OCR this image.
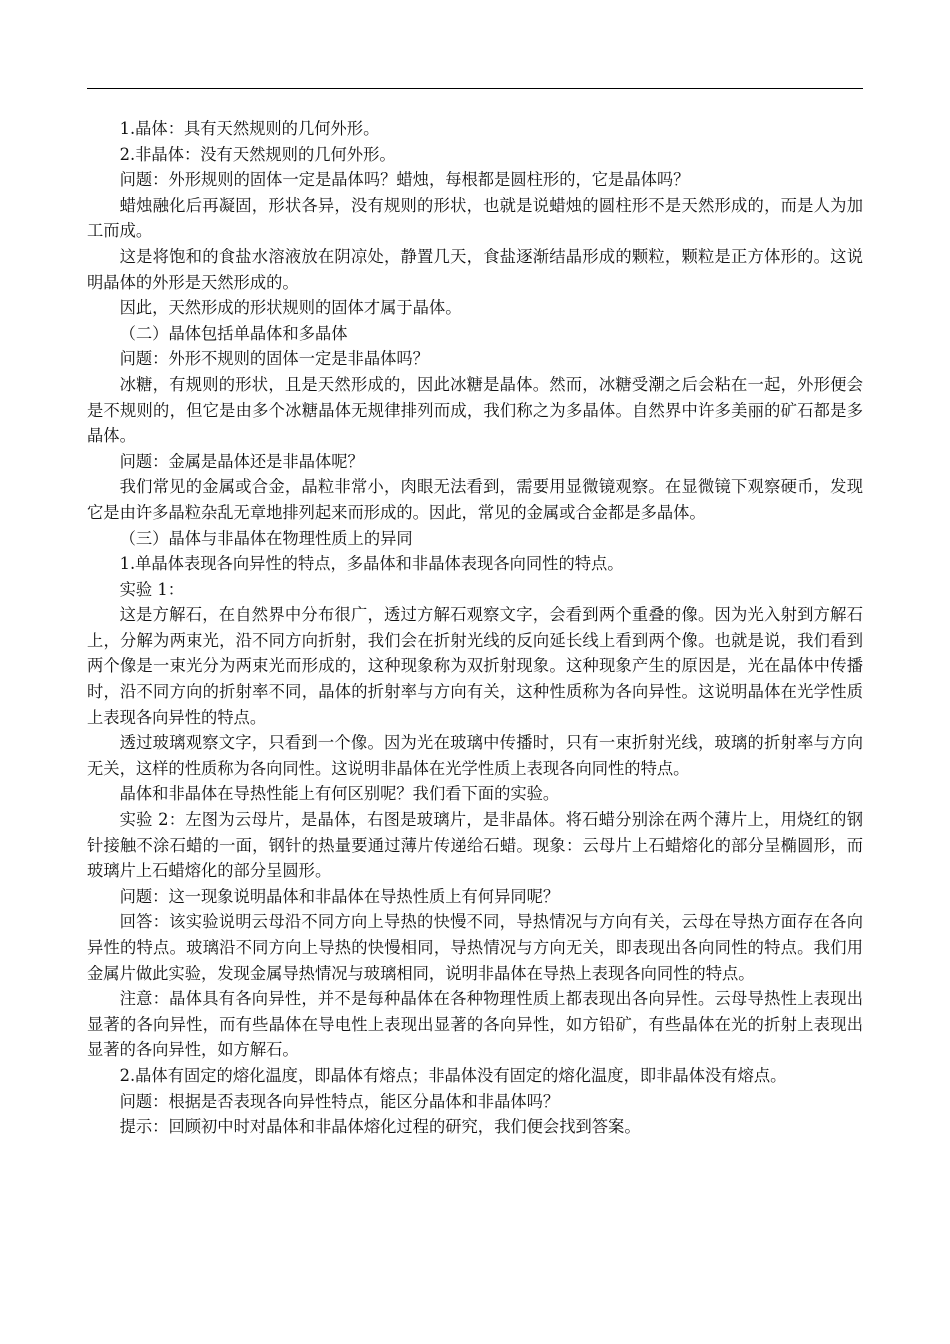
1.晶体：具有天然规则的几何外形。

2.非晶体：没有天然规则的几何外形。

问题：外形规则的固体一定是晶体吗？蜡烛，每根都是圆柱形的，它是晶体吗？

蜡烛融化后再凝固，形状各异，没有规则的形状，也就是说蜡烛的圆柱形不是天然形成的，而是人为加工而成。

这是将饱和的食盐水溶液放在阴凉处，静置几天，食盐逐渐结晶形成的颗粒，颗粒是正方体形的。这说明晶体的外形是天然形成的。

因此，天然形成的形状规则的固体才属于晶体。

（二）晶体包括单晶体和多晶体

问题：外形不规则的固体一定是非晶体吗？

冰糖，有规则的形状，且是天然形成的，因此冰糖是晶体。然而，冰糖受潮之后会粘在一起，外形便会是不规则的，但它是由多个冰糖晶体无规律排列而成，我们称之为多晶体。自然界中许多美丽的矿石都是多晶体。

问题：金属是晶体还是非晶体呢？

我们常见的金属或合金，晶粒非常小，肉眼无法看到，需要用显微镜观察。在显微镜下观察硬币，发现它是由许多晶粒杂乱无章地排列起来而形成的。因此，常见的金属或合金都是多晶体。

（三）晶体与非晶体在物理性质上的异同

1.单晶体表现各向异性的特点，多晶体和非晶体表现各向同性的特点。

实验 1：

这是方解石，在自然界中分布很广，透过方解石观察文字，会看到两个重叠的像。因为光入射到方解石上，分解为两束光，沿不同方向折射，我们会在折射光线的反向延长线上看到两个像。也就是说，我们看到两个像是一束光分为两束光而形成的，这种现象称为双折射现象。这种现象产生的原因是，光在晶体中传播时，沿不同方向的折射率不同，晶体的折射率与方向有关，这种性质称为各向异性。这说明晶体在光学性质上表现各向异性的特点。

透过玻璃观察文字，只看到一个像。因为光在玻璃中传播时，只有一束折射光线，玻璃的折射率与方向无关，这样的性质称为各向同性。这说明非晶体在光学性质上表现各向同性的特点。

晶体和非晶体在导热性能上有何区别呢？我们看下面的实验。

实验 2：左图为云母片，是晶体，右图是玻璃片，是非晶体。将石蜡分别涂在两个薄片上，用烧红的钢针接触不涂石蜡的一面，钢针的热量要通过薄片传递给石蜡。现象：云母片上石蜡熔化的部分呈椭圆形，而玻璃片上石蜡熔化的部分呈圆形。

问题：这一现象说明晶体和非晶体在导热性质上有何异同呢？

回答：该实验说明云母沿不同方向上导热的快慢不同，导热情况与方向有关，云母在导热方面存在各向异性的特点。玻璃沿不同方向上导热的快慢相同，导热情况与方向无关，即表现出各向同性的特点。我们用金属片做此实验，发现金属导热情况与玻璃相同，说明非晶体在导热上表现各向同性的特点。

注意：晶体具有各向异性，并不是每种晶体在各种物理性质上都表现出各向异性。云母导热性上表现出显著的各向异性，而有些晶体在导电性上表现出显著的各向异性，如方铅矿，有些晶体在光的折射上表现出显著的各向异性，如方解石。

2.晶体有固定的熔化温度，即晶体有熔点；非晶体没有固定的熔化温度，即非晶体没有熔点。

问题：根据是否表现各向异性特点，能区分晶体和非晶体吗？

提示：回顾初中时对晶体和非晶体熔化过程的研究，我们便会找到答案。
